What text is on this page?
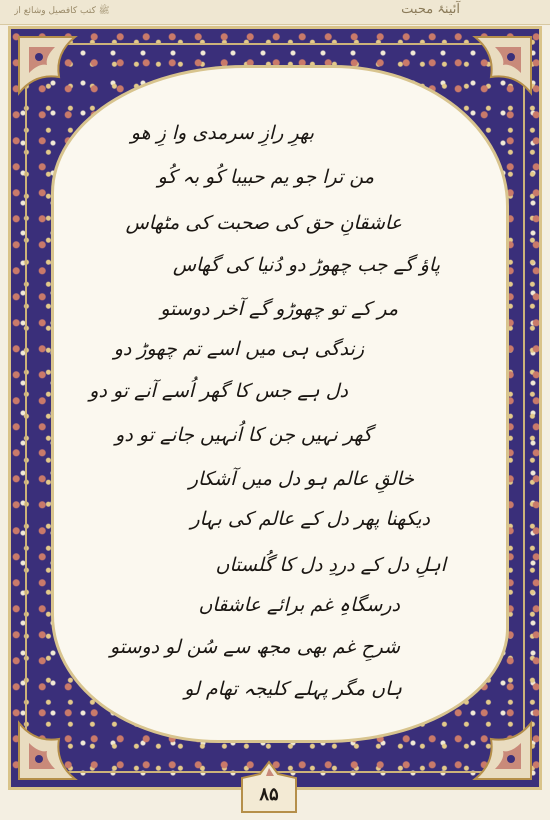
ﷺ ﻛﺘﺐ ﻛﺎﻓﺼﻴﻞ ﻭﺷﺎﺋﻊ ﺍﺯ	آئینۂ محبت
بھرِ رازِ سرمدی وا زِ ھو
من ترا جو یم حبیبا کُو بہ کُو
عاشقانِ حق کی صحبت کی مٹھاس
پاؤ گے جب چھوڑ دو دُنیا کی گھاس
مر کے تو چھوڑو گے آخر دوستو
زندگی ہی میں اسے تم چھوڑ دو
دل ہے جس کا گھر اُسے آنے تو دو
گھر نہیں جن کا اُنہیں جانے تو دو
خالقِ عالم ہو دل میں آشکار
دیکھنا پھر دل کے عالم کی بہار
اہلِ دل کے دردِ دل کا گُلستاں
درسگاہِ غم برائے عاشقاں
شرحِ غم بھی مجھ سے سُن لو دوستو
ہاں مگر پہلے کلیجہ تھام لو
۸۵
